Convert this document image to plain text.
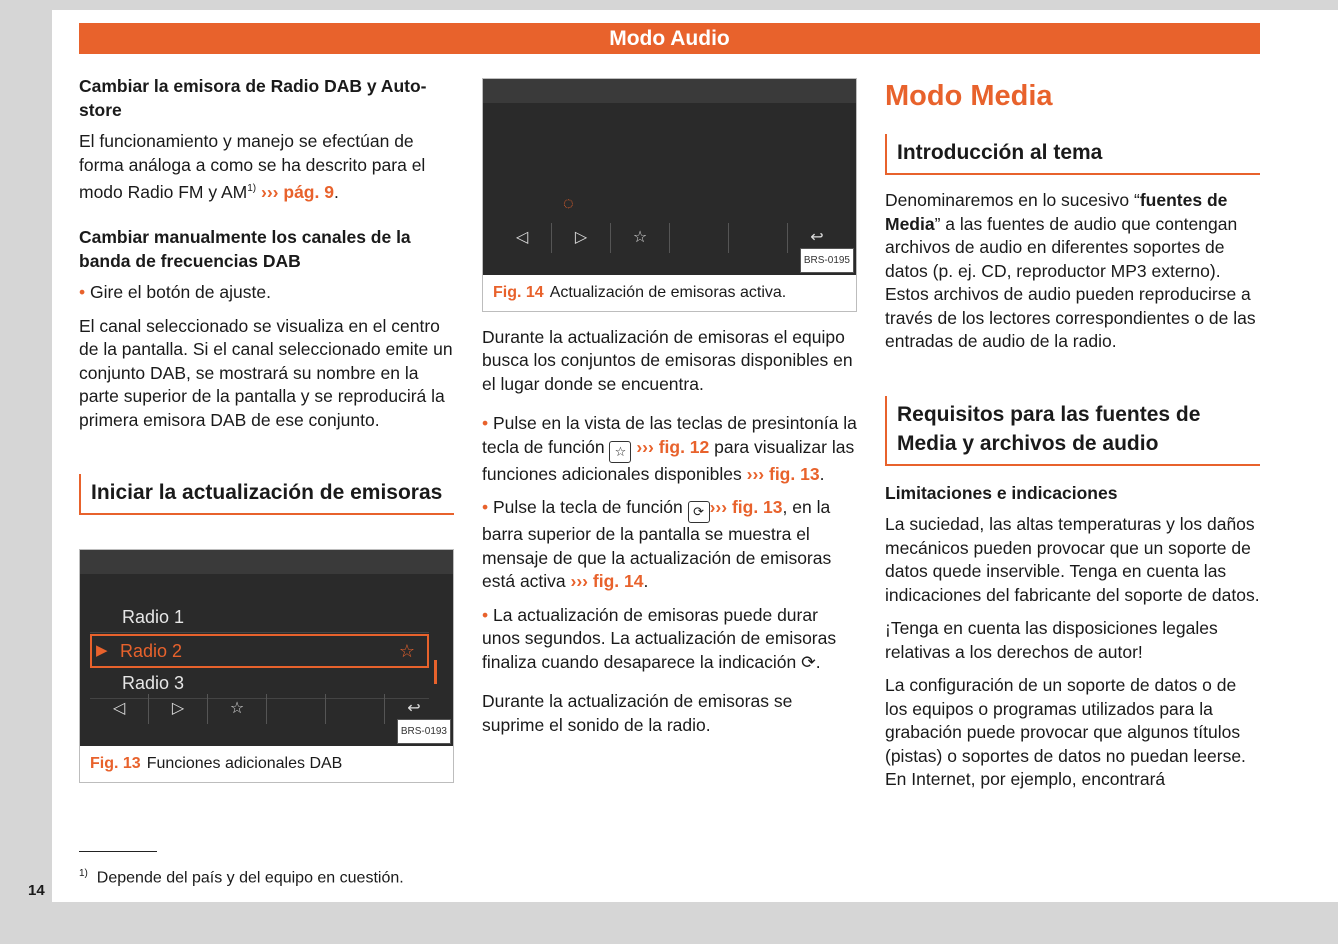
Modo Audio
Cambiar la emisora de Radio DAB y Auto-store

El funcionamiento y manejo se efectúan de forma análoga a como se ha descrito para el modo Radio FM y AM$^{1)}$ ››› pág. 9.

Cambiar manualmente los canales de la banda de frecuencias DAB

• Gire el botón de ajuste.

El canal seleccionado se visualiza en el centro de la pantalla. Si el canal seleccionado emite un conjunto DAB, se mostrará su nombre en la parte superior de la pantalla y se reproducirá la primera emisora DAB de ese conjunto.

Iniciar la actualización de emisoras
Radio 1
▶ Radio 2	☆
Radio 3
◁	▷	☆	↩
BRS-0193
Fig. 13 Funciones adicionales DAB
◌
◁	▷	☆	↩
BRS-0195
Fig. 14 Actualización de emisoras activa.

Durante la actualización de emisoras el equipo busca los conjuntos de emisoras disponibles en el lugar donde se encuentra.

• Pulse en la vista de las teclas de presintonía la tecla de función ☆ ››› fig. 12 para visualizar las funciones adicionales disponibles ››› fig. 13.

• Pulse la tecla de función ⟳ ››› fig. 13, en la barra superior de la pantalla se muestra el mensaje de que la actualización de emisoras está activa ››› fig. 14.

• La actualización de emisoras puede durar unos segundos. La actualización de emisoras finaliza cuando desaparece la indicación ⟳.

Durante la actualización de emisoras se suprime el sonido de la radio.

Modo Media
Introducción al tema

Denominaremos en lo sucesivo “fuentes de Media” a las fuentes de audio que contengan archivos de audio en diferentes soportes de datos (p. ej. CD, reproductor MP3 externo). Estos archivos de audio pueden reproducirse a través de los lectores correspondientes o de las entradas de audio de la radio.

Requisitos para las fuentes de Media y archivos de audio
Limitaciones e indicaciones

La suciedad, las altas temperaturas y los daños mecánicos pueden provocar que un soporte de datos quede inservible. Tenga en cuenta las indicaciones del fabricante del soporte de datos.

¡Tenga en cuenta las disposiciones legales relativas a los derechos de autor!

La configuración de un soporte de datos o de los equipos o programas utilizados para la grabación puede provocar que algunos títulos (pistas) o soportes de datos no puedan leerse. En Internet, por ejemplo, encontrará

$^{1)}$ Depende del país y del equipo en cuestión.
14
